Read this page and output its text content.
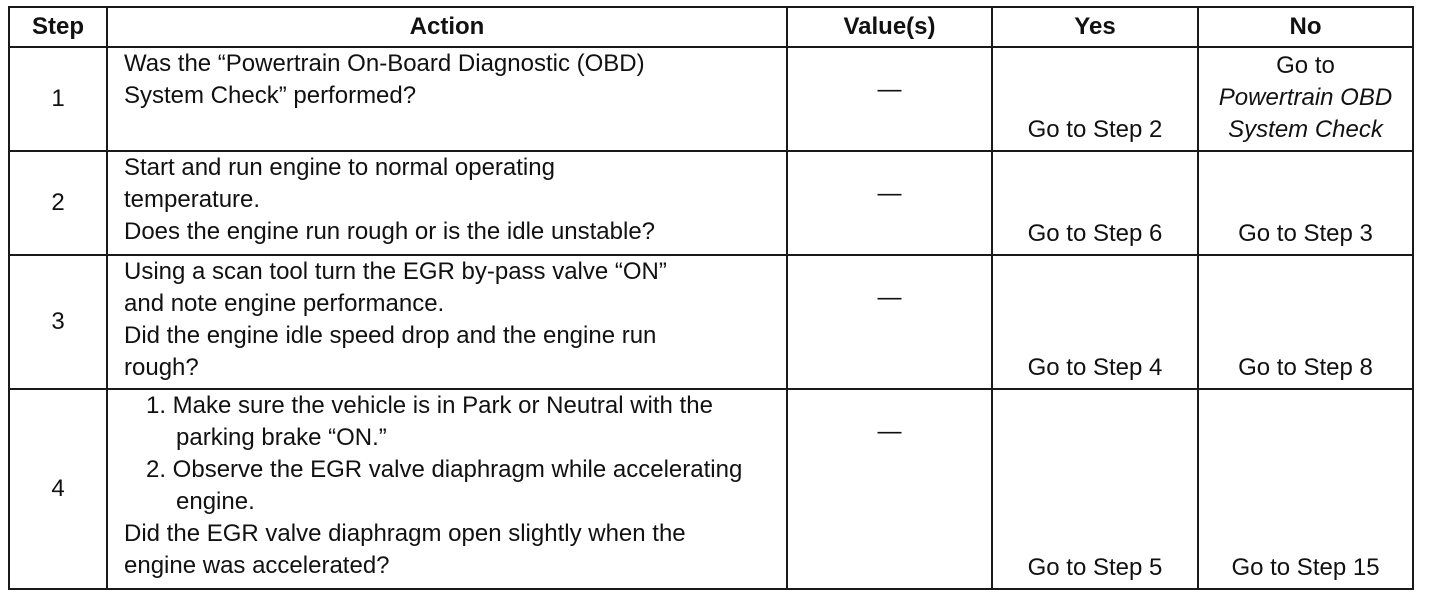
Step	Action	Value(s)	Yes	No
1	Was the “Powertrain On-Board Diagnostic (OBD)
System Check” performed?	—	Go to Step 2	Go to
Powertrain OBD
System Check

2	Start and run engine to normal operating
temperature.
Does the engine run rough or is the idle unstable?	—	Go to Step 6	Go to Step 3
3	Using a scan tool turn the EGR by-pass valve “ON”
and note engine performance.
Did the engine idle speed drop and the engine run
rough?	—	Go to Step 4	Go to Step 8
4	1. Make sure the vehicle is in Park or Neutral with the parking brake “ON.”
2. Observe the EGR valve diaphragm while accelerating engine.
Did the EGR valve diaphragm open slightly when the
engine was accelerated?	—	Go to Step 5	Go to Step 15
